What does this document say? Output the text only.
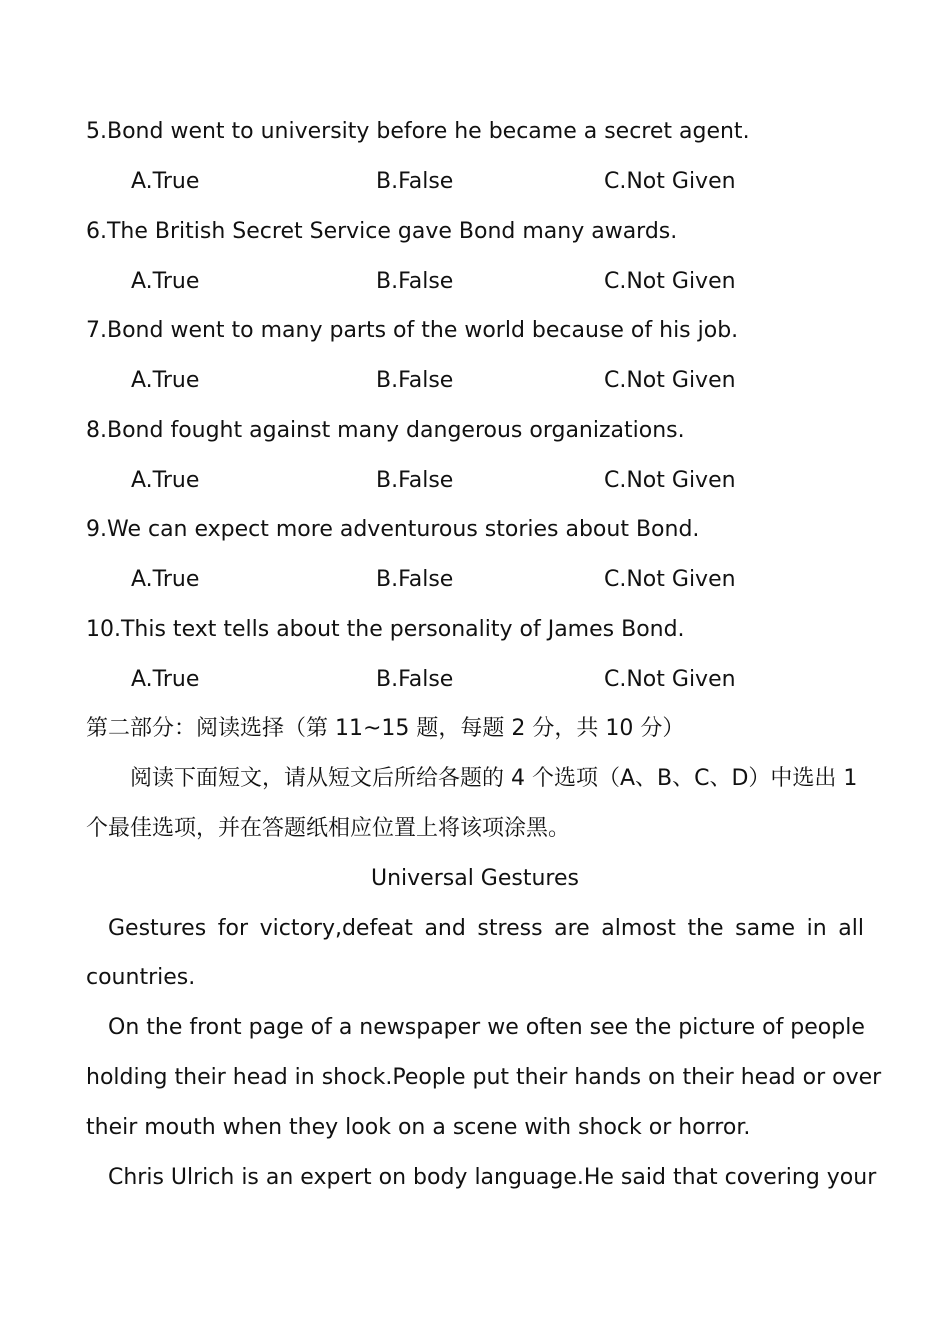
5.Bond went to university before he became a secret agent.
A.True	B.False	C.Not Given
6.The British Secret Service gave Bond many awards.
A.True	B.False	C.Not Given
7.Bond went to many parts of the world because of his job.
A.True	B.False	C.Not Given
8.Bond fought against many dangerous organizations.
A.True	B.False	C.Not Given
9.We can expect more adventurous stories about Bond.
A.True	B.False	C.Not Given
10.This text tells about the personality of James Bond.
A.True	B.False	C.Not Given
第二部分：阅读选择（第 11~15 题，每题 2 分，共 10 分）
阅读下面短文，请从短文后所给各题的 4 个选项（A、B、C、D）中选出 1
个最佳选项，并在答题纸相应位置上将该项涂黑。
Universal Gestures
Gestures for victory,defeat and stress are almost the same in all
countries.
On the front page of a newspaper we often see the picture of people
holding their head in shock.People put their hands on their head or over
their mouth when they look on a scene with shock or horror.
Chris Ulrich is an expert on body language.He said that covering your
